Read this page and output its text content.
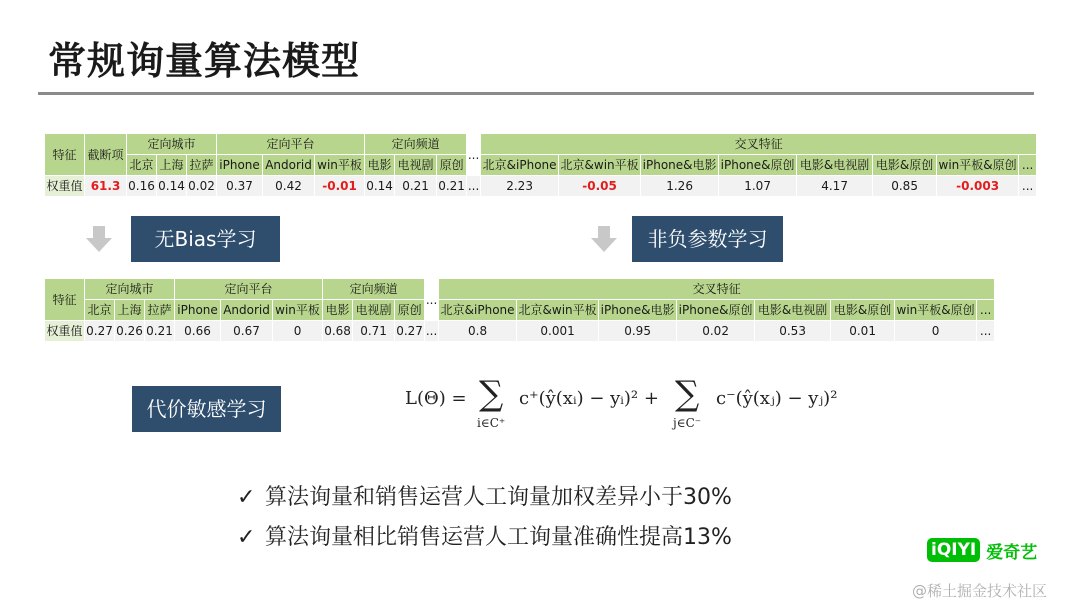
常规询量算法模型
特征	截断项	定向城市			定向平台			定向频道			...	交叉特征							
		北京	上海	拉萨	iPhone	Andorid	win平板	电影	电视剧	原创		北京&iPhone	北京&win平板	iPhone&电影	iPhone&原创	电影&电视剧	电影&原创	win平板&原创	...
权重值	61.3	0.16	0.14	0.02	0.37	0.42	-0.01	0.14	0.21	0.21	...	2.23	-0.05	1.26	1.07	4.17	0.85	-0.003	...
无Bias学习	非负参数学习
特征	定向城市			定向平台			定向频道			...	交叉特征							
	北京	上海	拉萨	iPhone	Andorid	win平板	电影	电视剧	原创		北京&iPhone	北京&win平板	iPhone&电影	iPhone&原创	电影&电视剧	电影&原创	win平板&原创	...
权重值	0.27	0.26	0.21	0.66	0.67	0	0.68	0.71	0.27	...	0.8	0.001	0.95	0.02	0.53	0.01	0	...
代价敏感学习	L(Θ) = ∑
i∈C⁺
c⁺(ŷ(xᵢ) − yᵢ)² + ∑
j∈C⁻
c⁻(ŷ(xⱼ) − yⱼ)²
✓ 算法询量和销售运营人工询量加权差异小于30%
✓ 算法询量相比销售运营人工询量准确性提高13%	iQIYI 爱奇艺
@稀土掘金技术社区
